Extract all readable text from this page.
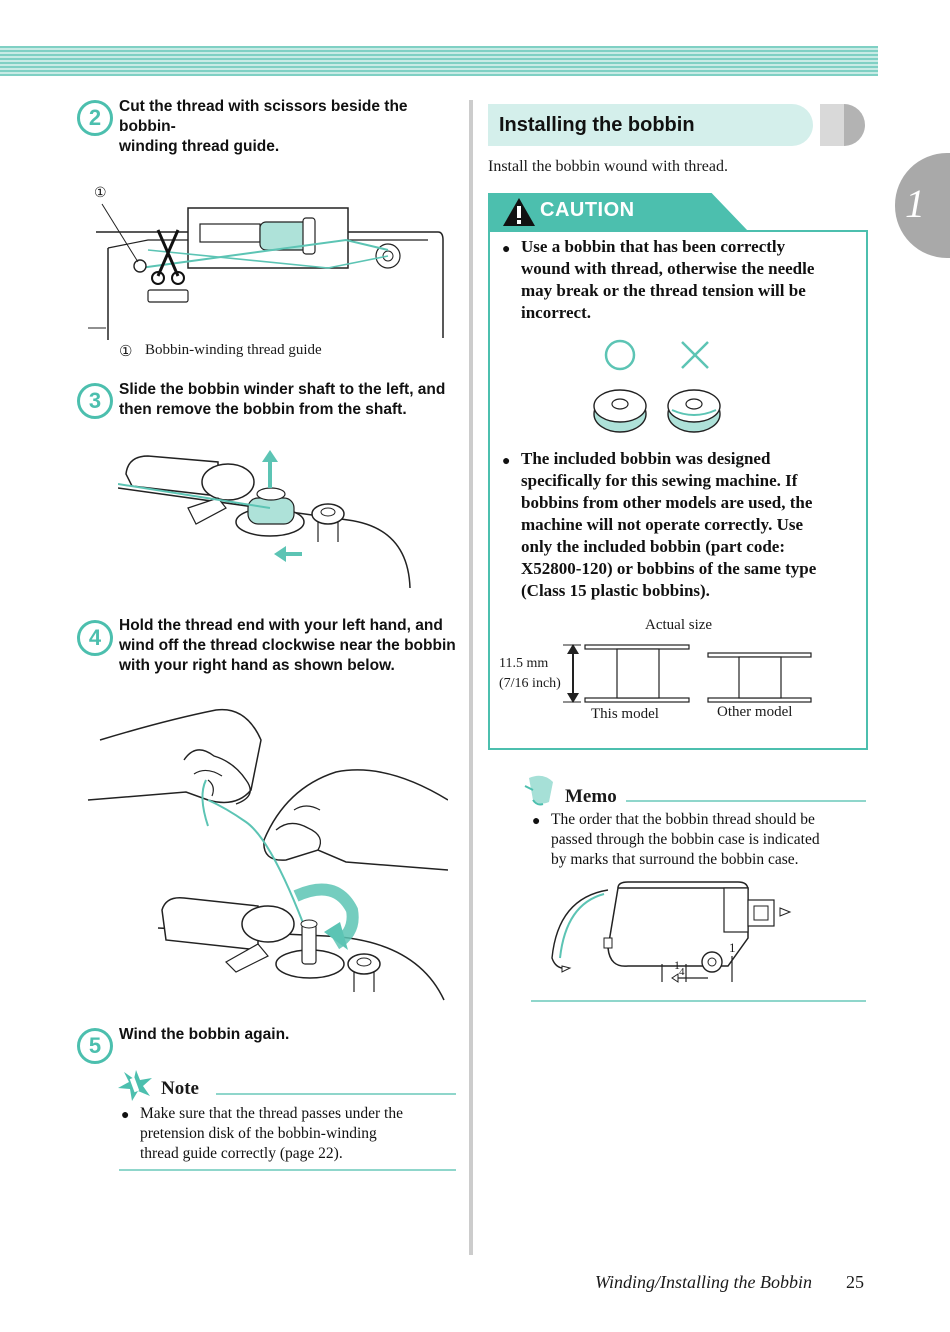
1
2	Cut the thread with scissors beside the bobbin-
winding thread guide.
①
① Bobbin-winding thread guide
3	Slide the bobbin winder shaft to the left, and
then remove the bobbin from the shaft.
4	Hold the thread end with your left hand, and
wind off the thread clockwise near the bobbin
with your right hand as shown below.
5	Wind the bobbin again.
Note
● Make sure that the thread passes under the
pretension disk of the bobbin-winding
thread guide correctly (page 22).
Installing the bobbin
Install the bobbin wound with thread.
CAUTION
● Use a bobbin that has been correctly
wound with thread, otherwise the needle
may break or the thread tension will be
incorrect.
● The included bobbin was designed
specifically for this sewing machine. If
bobbins from other models are used, the
machine will not operate correctly. Use
only the included bobbin (part code:
X52800-120) or bobbins of the same type
(Class 15 plastic bobbins).
Actual size
11.5 mm
(7/16 inch)
This model	Other model
Memo
● The order that the bobbin thread should be
passed through the bobbin case is indicated
by marks that surround the bobbin case.
1
1 4
Winding/Installing the Bobbin 25
